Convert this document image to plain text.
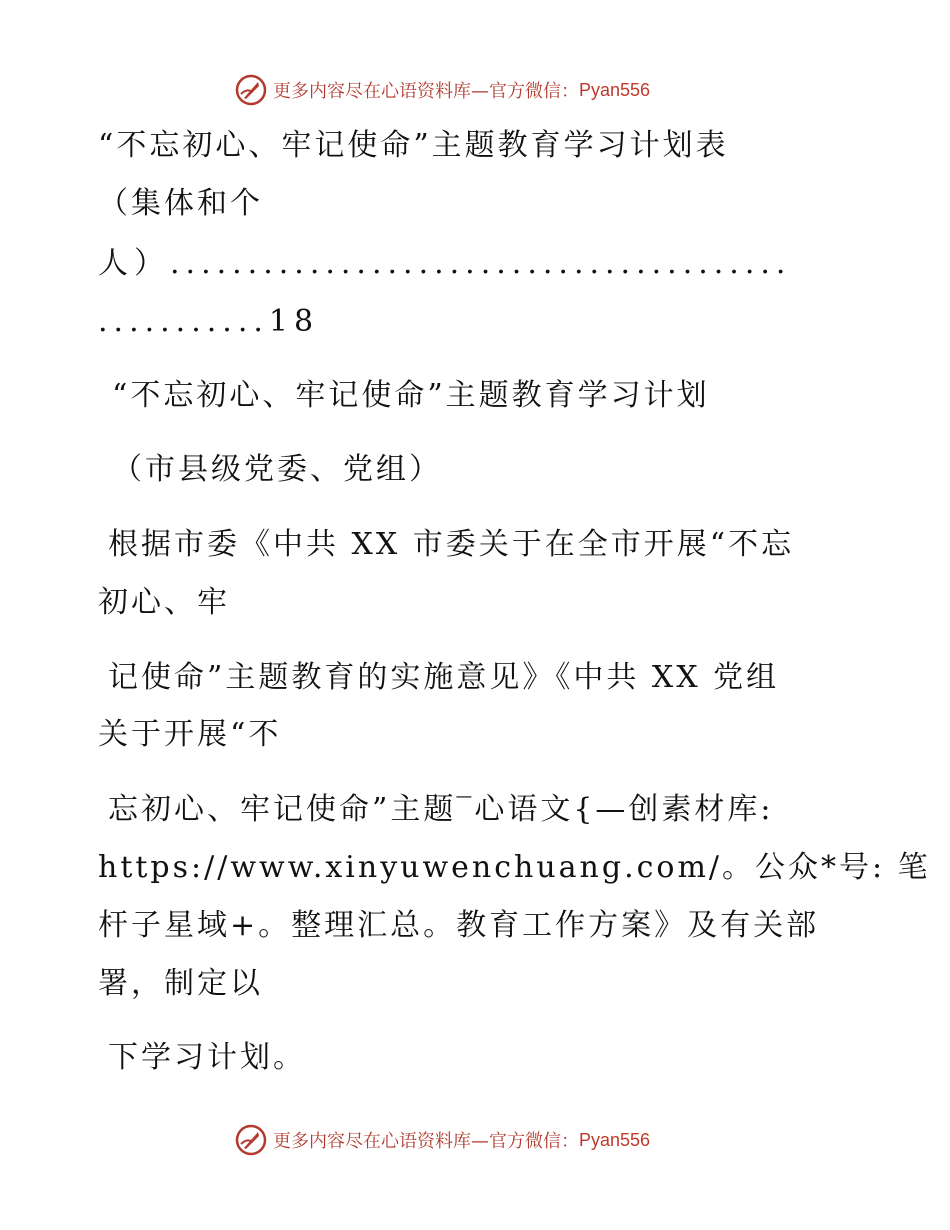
更多内容尽在心语资料库—官方微信： Pyan556
“不忘初心、牢记使命”主题教育学习计划表
（集体和个
人）........................................
...........18
“不忘初心、牢记使命”主题教育学习计划
（市县级党委、党组）
根据市委《中共 XX 市委关于在全市开展“不忘
初心、牢
记使命”主题教育的实施意见》《中共 XX 党组
关于开展“不
忘初心、牢记使命”主题‾心语文{—创素材库:
https://www.xinyuwenchuang.com/。公众*号: 笔
杆子星域+。整理汇总。教育工作方案》及有关部
署，制定以
下学习计划。
更多内容尽在心语资料库—官方微信： Pyan556
